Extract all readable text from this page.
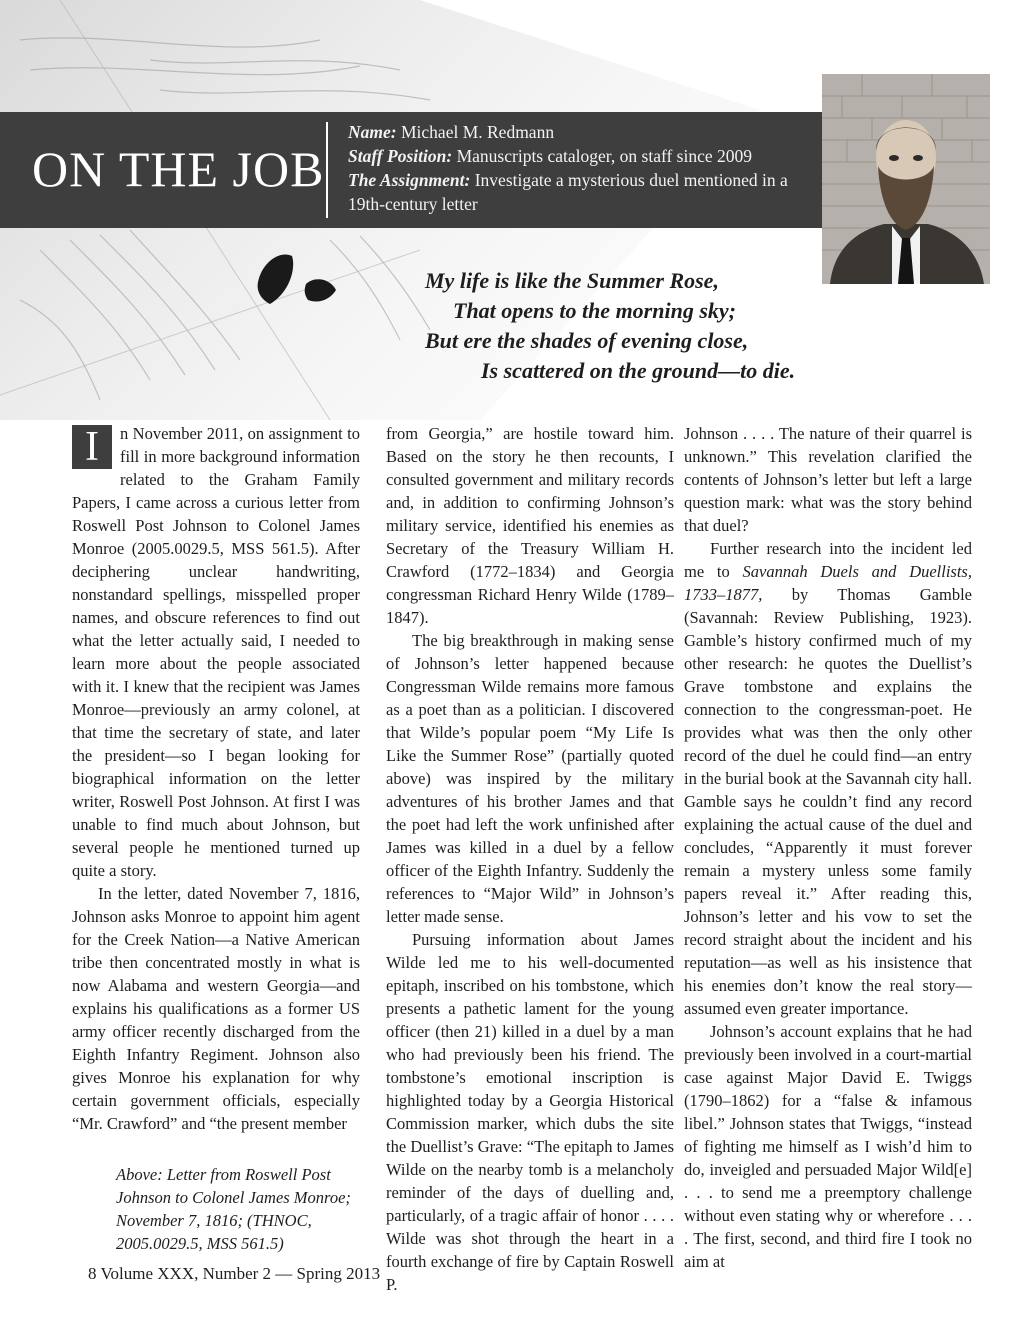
ON THE JOB
Name: Michael M. Redmann
Staff Position: Manuscripts cataloger, on staff since 2009
The Assignment: Investigate a mysterious duel mentioned in a 19th-century letter
My life is like the Summer Rose,
That opens to the morning sky;
But ere the shades of evening close,
Is scattered on the ground—to die.

I	n November 2011, on assignment to fill in more background information related to the Graham Family Papers, I came across a curious letter from Roswell Post Johnson to Colonel James Monroe (2005.0029.5, MSS 561.5). After deciphering unclear handwriting, nonstandard spellings, misspelled proper names, and obscure references to find out what the letter actually said, I needed to learn more about the people associated with it. I knew that the recipient was James Monroe—previously an army colonel, at that time the secretary of state, and later the president—so I began looking for biographical information on the letter writer, Roswell Post Johnson. At first I was unable to find much about Johnson, but several people he mentioned turned up quite a story.

In the letter, dated November 7, 1816, Johnson asks Monroe to appoint him agent for the Creek Nation—a Native American tribe then concentrated mostly in what is now Alabama and western Georgia—and explains his qualifications as a former US army officer recently discharged from the Eighth Infantry Regiment. Johnson also gives Monroe his explanation for why certain government officials, especially “Mr. Crawford” and “the present member

from Georgia,” are hostile toward him. Based on the story he then recounts, I consulted government and military records and, in addition to confirming Johnson’s military service, identified his enemies as Secretary of the Treasury William H. Crawford (1772–1834) and Georgia congressman Richard Henry Wilde (1789–1847).

The big breakthrough in making sense of Johnson’s letter happened because Congressman Wilde remains more famous as a poet than as a politician. I discovered that Wilde’s popular poem “My Life Is Like the Summer Rose” (partially quoted above) was inspired by the military adventures of his brother James and that the poet had left the work unfinished after James was killed in a duel by a fellow officer of the Eighth Infantry. Suddenly the references to “Major Wild” in Johnson’s letter made sense.

Pursuing information about James Wilde led me to his well-documented epitaph, inscribed on his tombstone, which presents a pathetic lament for the young officer (then 21) killed in a duel by a man who had previously been his friend. The tombstone’s emotional inscription is highlighted today by a Georgia Historical Commission marker, which dubs the site the Duellist’s Grave: “The epitaph to James Wilde on the nearby tomb is a melancholy reminder of the days of duelling and, particularly, of a tragic affair of honor . . . . Wilde was shot through the heart in a fourth exchange of fire by Captain Roswell P.

Johnson . . . . The nature of their quarrel is unknown.” This revelation clarified the contents of Johnson’s letter but left a large question mark: what was the story behind that duel?

Further research into the incident led me to Savannah Duels and Duellists, 1733–1877, by Thomas Gamble (Savannah: Review Publishing, 1923). Gamble’s history confirmed much of my other research: he quotes the Duellist’s Grave tombstone and explains the connection to the congressman-poet. He provides what was then the only other record of the duel he could find—an entry in the burial book at the Savannah city hall. Gamble says he couldn’t find any record explaining the actual cause of the duel and concludes, “Apparently it must forever remain a mystery unless some family papers reveal it.” After reading this, Johnson’s letter and his vow to set the record straight about the incident and his reputation—as well as his insistence that his enemies don’t know the real story—assumed even greater importance.

Johnson’s account explains that he had previously been involved in a court-martial case against Major David E. Twiggs (1790–1862) for a “false & infamous libel.” Johnson states that Twiggs, “instead of fighting me himself as I wish’d him to do, inveigled and persuaded Major Wild[e] . . . to send me a preemptory challenge without even stating why or wherefore . . . . The first, second, and third fire I took no aim at

Above: Letter from Roswell Post Johnson to Colonel James Monroe; November 7, 1816; (THNOC, 2005.0029.5, MSS 561.5)
8 Volume XXX, Number 2 — Spring 2013
